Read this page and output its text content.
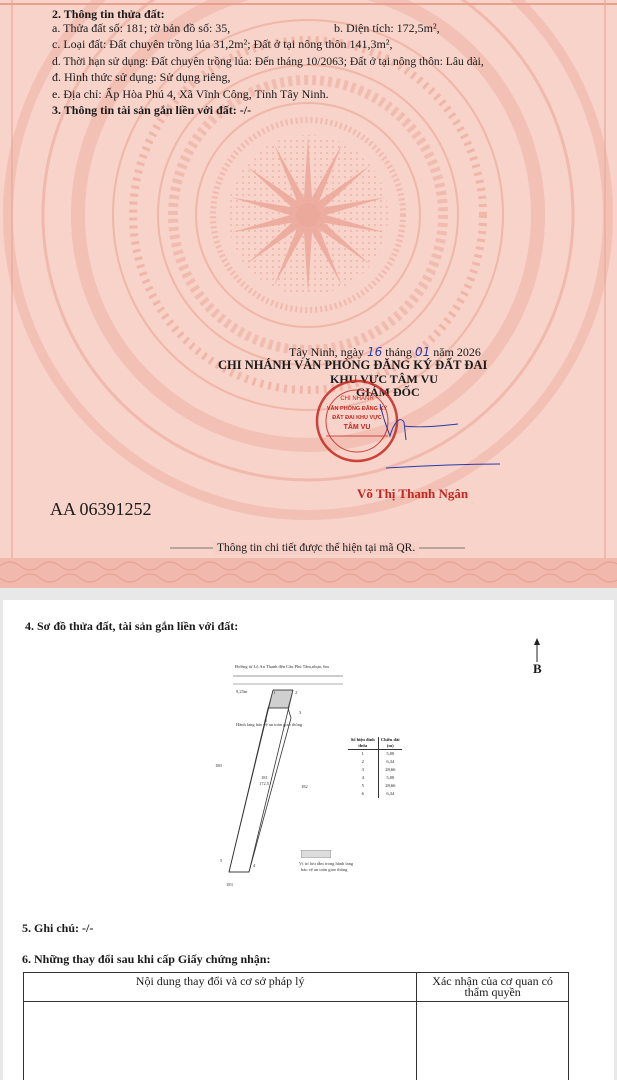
2. Thông tin thửa đất:
a. Thửa đất số: 181; tờ bản đồ số: 35,	b. Diện tích: 172,5m²,
c. Loại đất: Đất chuyên trồng lúa 31,2m²; Đất ở tại nông thôn 141,3m²,
d. Thời hạn sử dụng: Đất chuyên trồng lúa: Đến tháng 10/2063; Đất ở tại nông thôn: Lâu dài,
đ. Hình thức sử dụng: Sử dụng riêng,
e. Địa chỉ: Ấp Hòa Phú 4, Xã Vĩnh Công, Tỉnh Tây Ninh.
3. Thông tin tài sản gắn liền với đất: -/-
Tây Ninh, ngày 16 tháng 01 năm 2026
CHI NHÁNH VĂN PHÒNG ĐĂNG KÝ ĐẤT ĐAI
KHU VỰC TÂM VU
GIÁM ĐỐC
CHI NHÁNH
VĂN PHÒNG ĐĂNG KÝ
ĐẤT ĐAI KHU VỰC
TÂM VU
AA 06391252
Võ Thị Thanh Ngân
Thông tin chi tiết được thể hiện tại mã QR.
4. Sơ đồ thửa đất, tài sản gắn liền với đất:
B
Đường từ Lộ An Thạnh đến Cầu Phú Tâm,nhựa, 6m
9,25m
Hành lang bảo vệ an toàn giao thông
181
172,5
180
182
183
1	2
3
4
5
6
Số hiệu đỉnh thửa	Chiều dài (m)
1	5,00
2	6,34
3	28,66
4	5,00
5	28,66
6	6,34
Vị trí lưu rẫm trong hành lang
bảo vệ an toàn giao thông
5. Ghi chú: -/-
6. Những thay đổi sau khi cấp Giấy chứng nhận:
Nội dung thay đổi và cơ sở pháp lý	Xác nhận của cơ quan có thẩm quyền
